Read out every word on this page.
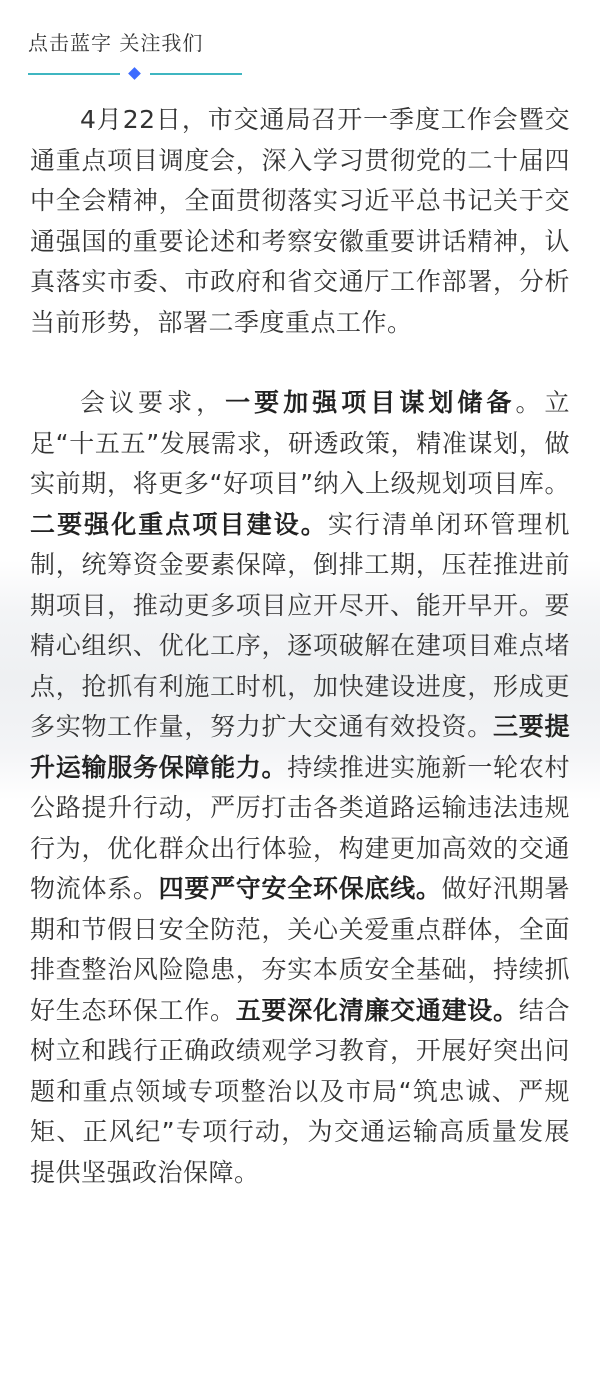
点击蓝字 关注我们

4月22日，市交通局召开一季度工作会暨交通重点项目调度会，深入学习贯彻党的二十届四中全会精神，全面贯彻落实习近平总书记关于交通强国的重要论述和考察安徽重要讲话精神，认真落实市委、市政府和省交通厅工作部署，分析当前形势，部署二季度重点工作。

会议要求，一要加强项目谋划储备。立足“十五五”发展需求，研透政策，精准谋划，做实前期，将更多“好项目”纳入上级规划项目库。二要强化重点项目建设。实行清单闭环管理机制，统筹资金要素保障，倒排工期，压茬推进前期项目，推动更多项目应开尽开、能开早开。要精心组织、优化工序，逐项破解在建项目难点堵点，抢抓有利施工时机，加快建设进度，形成更多实物工作量，努力扩大交通有效投资。三要提升运输服务保障能力。持续推进实施新一轮农村公路提升行动，严厉打击各类道路运输违法违规行为，优化群众出行体验，构建更加高效的交通物流体系。四要严守安全环保底线。做好汛期暑期和节假日安全防范，关心关爱重点群体，全面排查整治风险隐患，夯实本质安全基础，持续抓好生态环保工作。五要深化清廉交通建设。结合树立和践行正确政绩观学习教育，开展好突出问题和重点领域专项整治以及市局“筑忠诚、严规矩、正风纪”专项行动，为交通运输高质量发展提供坚强政治保障。
